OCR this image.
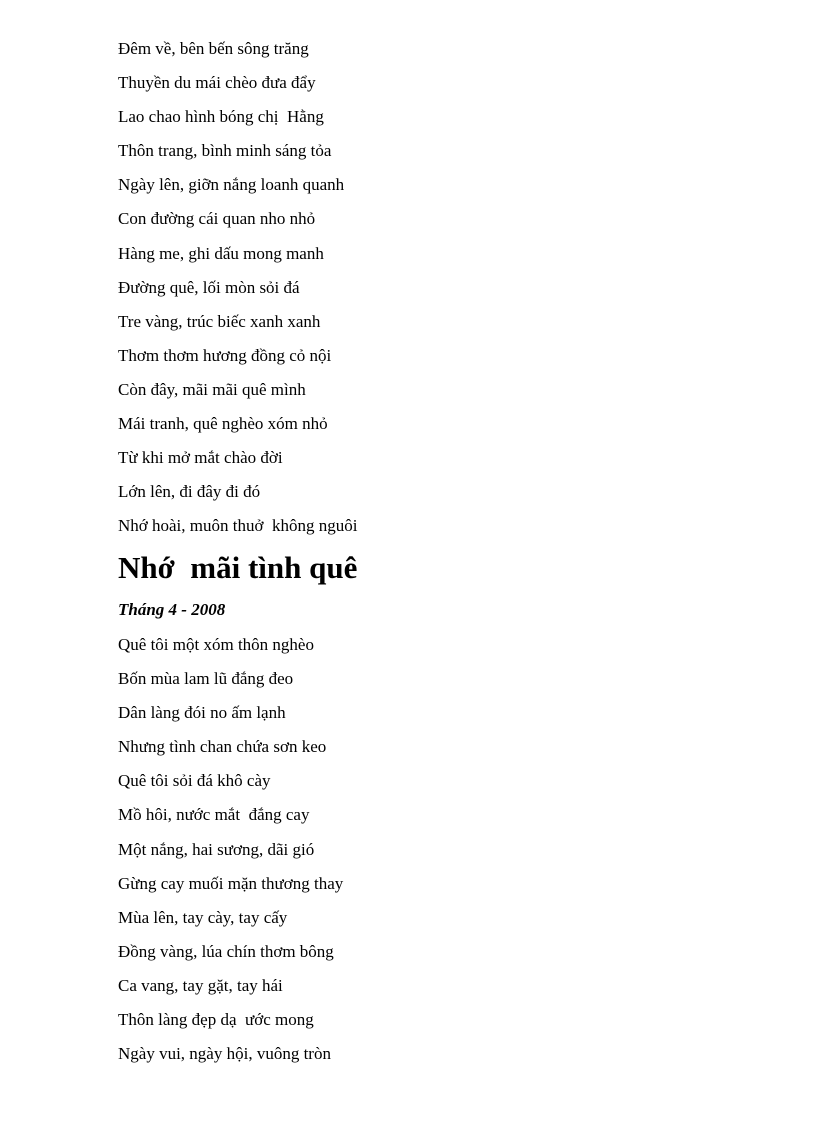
Đêm về, bên bến sông trăng
Thuyền du mái chèo đưa đẩy
Lao chao hình bóng chị  Hằng
Thôn trang, bình minh sáng tỏa
Ngày lên, giỡn nắng loanh quanh
Con đường cái quan nho nhỏ
Hàng me, ghi dấu mong manh
Đường quê, lối mòn sỏi đá
Tre vàng, trúc biếc xanh xanh
Thơm thơm hương đồng cỏ nội
Còn đây, mãi mãi quê mình
Mái tranh, quê nghèo xóm nhỏ
Từ khi mở mắt chào đời
Lớn lên, đi đây đi đó
Nhớ hoài, muôn thuở  không nguôi
Nhớ  mãi tình quê
Tháng 4 - 2008
Quê tôi một xóm thôn nghèo
Bốn mùa lam lũ đắng đeo
Dân làng đói no ấm lạnh
Nhưng tình chan chứa sơn keo
Quê tôi sỏi đá khô cày
Mồ hôi, nước mắt  đắng cay
Một nắng, hai sương, dãi gió
Gừng cay muối mặn thương thay
Mùa lên, tay cày, tay cấy
Đồng vàng, lúa chín thơm bông
Ca vang, tay gặt, tay hái
Thôn làng đẹp dạ  ước mong
Ngày vui, ngày hội, vuông tròn
